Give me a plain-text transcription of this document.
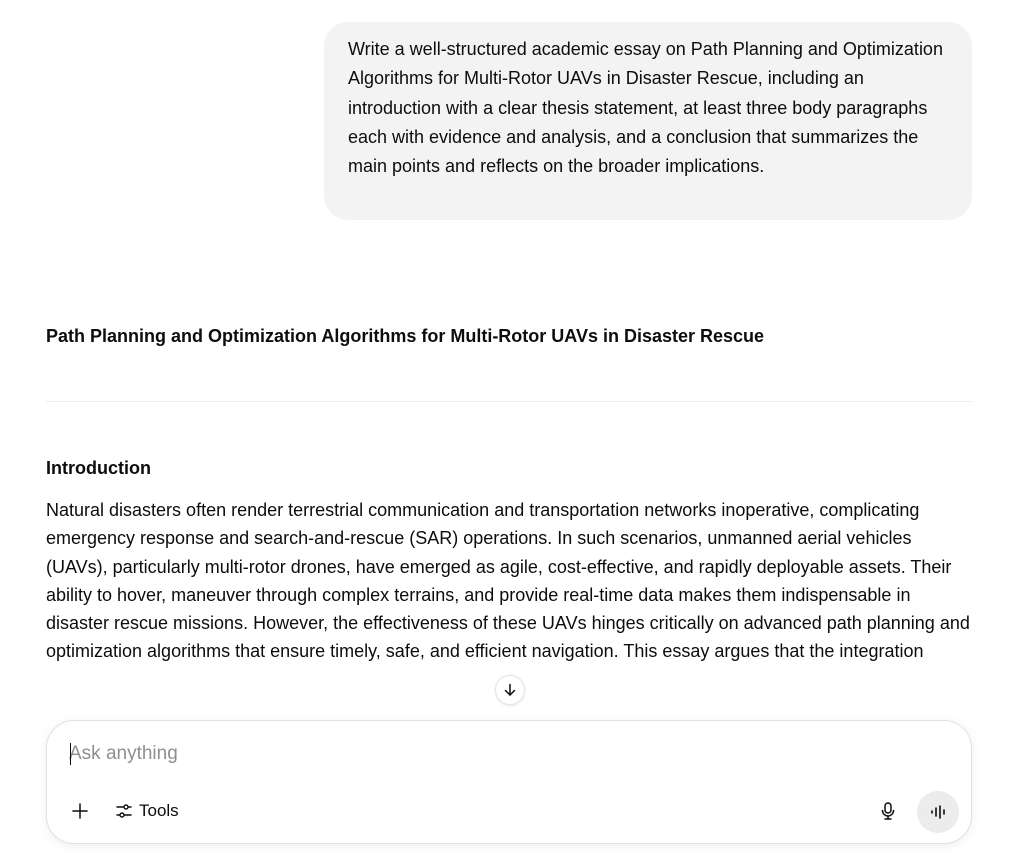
Write a well-structured academic essay on Path Planning and Optimization Algorithms for Multi-Rotor UAVs in Disaster Rescue, including an introduction with a clear thesis statement, at least three body paragraphs each with evidence and analysis, and a conclusion that summarizes the main points and reflects on the broader implications.

Path Planning and Optimization Algorithms for Multi-Rotor UAVs in Disaster Rescue
Introduction

Natural disasters often render terrestrial communication and transportation networks inoperative, complicating emergency response and search-and-rescue (SAR) operations. In such scenarios, unmanned aerial vehicles (UAVs), particularly multi-rotor drones, have emerged as agile, cost-effective, and rapidly deployable assets. Their ability to hover, maneuver through complex terrains, and provide real-time data makes them indispensable in disaster rescue missions. However, the effectiveness of these UAVs hinges critically on advanced path planning and optimization algorithms that ensure timely, safe, and efficient navigation. This essay argues that the integration

Ask anything
Tools
